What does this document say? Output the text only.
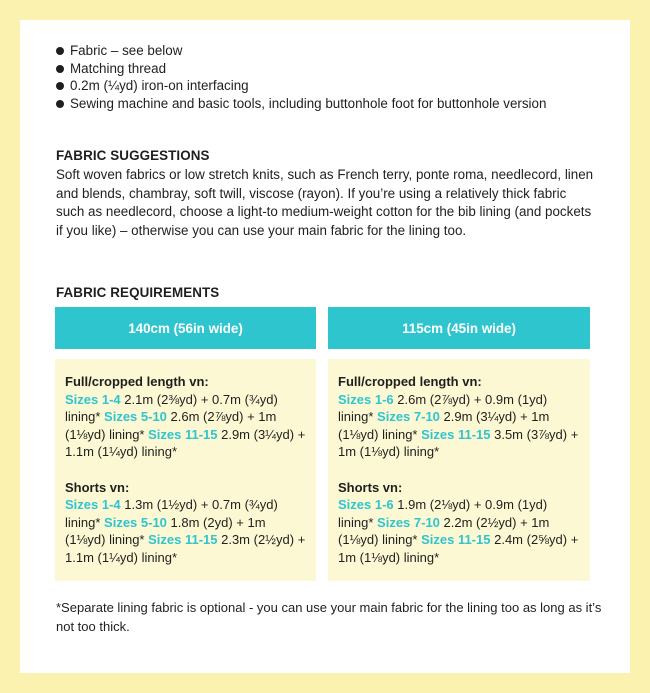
Fabric – see below
Matching thread
0.2m (¼yd) iron-on interfacing
Sewing machine and basic tools, including buttonhole foot for buttonhole version
FABRIC SUGGESTIONS
Soft woven fabrics or low stretch knits, such as French terry, ponte roma, needlecord, linen and blends, chambray, soft twill, viscose (rayon). If you’re using a relatively thick fabric such as needlecord, choose a light-to medium-weight cotton for the bib lining (and pockets if you like) – otherwise you can use your main fabric for the lining too.
FABRIC REQUIREMENTS
140cm (56in wide)	115cm (45in wide)
Full/cropped length vn:
Sizes 1-4 2.1m (2⅜yd) + 0.7m (¾yd) lining* Sizes 5-10 2.6m (2⅞yd) + 1m (1⅛yd) lining* Sizes 11-15 2.9m (3¼yd) + 1.1m (1¼yd) lining*
Shorts vn:
Sizes 1-4 1.3m (1½yd) + 0.7m (¾yd) lining* Sizes 5-10 1.8m (2yd) + 1m (1⅛yd) lining* Sizes 11-15 2.3m (2½yd) + 1.1m (1¼yd) lining*
Full/cropped length vn:
Sizes 1-6 2.6m (2⅞yd) + 0.9m (1yd) lining* Sizes 7-10 2.9m (3¼yd) + 1m (1⅛yd) lining* Sizes 11-15 3.5m (3⅞yd) + 1m (1⅛yd) lining*
Shorts vn:
Sizes 1-6 1.9m (2⅛yd) + 0.9m (1yd) lining* Sizes 7-10 2.2m (2½yd) + 1m (1⅛yd) lining* Sizes 11-15 2.4m (2⅝yd) + 1m (1⅛yd) lining*
*Separate lining fabric is optional - you can use your main fabric for the lining too as long as it’s not too thick.
